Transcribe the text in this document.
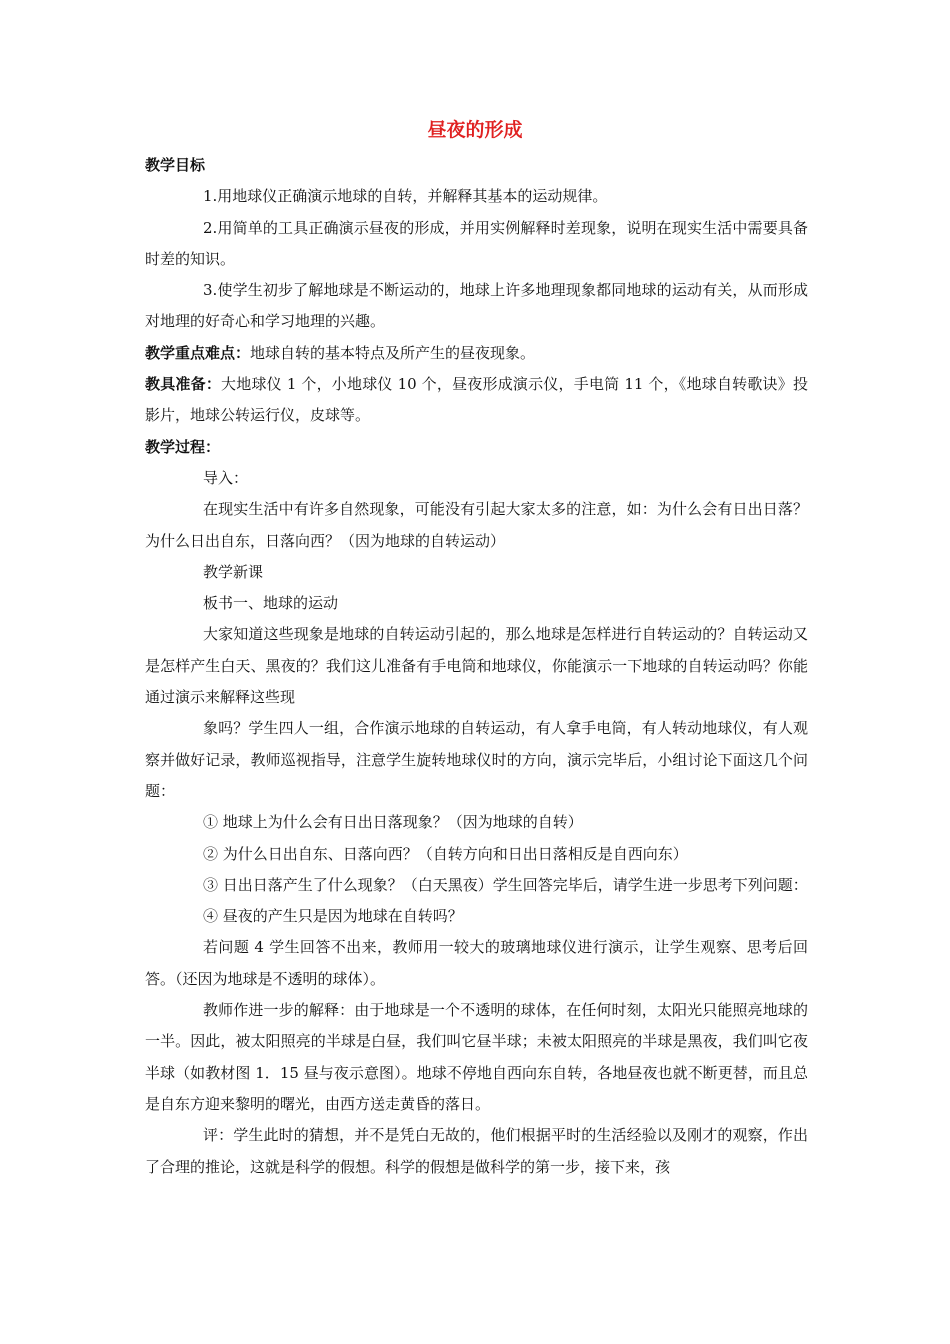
昼夜的形成

教学目标

1.用地球仪正确演示地球的自转，并解释其基本的运动规律。

2.用简单的工具正确演示昼夜的形成，并用实例解释时差现象，说明在现实生活中需要具备时差的知识。

3.使学生初步了解地球是不断运动的，地球上许多地理现象都同地球的运动有关，从而形成对地理的好奇心和学习地理的兴趣。

教学重点难点：地球自转的基本特点及所产生的昼夜现象。

教具准备：大地球仪 1 个，小地球仪 10 个，昼夜形成演示仪，手电筒 11 个，《地球自转歌诀》投影片，地球公转运行仪，皮球等。

教学过程：

导入：

在现实生活中有许多自然现象，可能没有引起大家太多的注意，如：为什么会有日出日落？为什么日出自东，日落向西？（因为地球的自转运动）

教学新课

板书一、地球的运动

大家知道这些现象是地球的自转运动引起的，那么地球是怎样进行自转运动的？自转运动又是怎样产生白天、黑夜的？我们这儿准备有手电筒和地球仪，你能演示一下地球的自转运动吗？你能通过演示来解释这些现

象吗？学生四人一组，合作演示地球的自转运动，有人拿手电筒，有人转动地球仪，有人观察并做好记录，教师巡视指导，注意学生旋转地球仪时的方向，演示完毕后，小组讨论下面这几个问题：

① 地球上为什么会有日出日落现象？（因为地球的自转）

② 为什么日出自东、日落向西？（自转方向和日出日落相反是自西向东）

③ 日出日落产生了什么现象？（白天黑夜）学生回答完毕后，请学生进一步思考下列问题：

④ 昼夜的产生只是因为地球在自转吗？

若问题 4 学生回答不出来，教师用一较大的玻璃地球仪进行演示，让学生观察、思考后回答。（还因为地球是不透明的球体）。

教师作进一步的解释：由于地球是一个不透明的球体，在任何时刻，太阳光只能照亮地球的一半。因此，被太阳照亮的半球是白昼，我们叫它昼半球；未被太阳照亮的半球是黑夜，我们叫它夜半球（如教材图 1．15 昼与夜示意图）。地球不停地自西向东自转，各地昼夜也就不断更替，而且总是自东方迎来黎明的曙光，由西方送走黄昏的落日。

评：学生此时的猜想，并不是凭白无故的，他们根据平时的生活经验以及刚才的观察，作出了合理的推论，这就是科学的假想。科学的假想是做科学的第一步，接下来，孩
